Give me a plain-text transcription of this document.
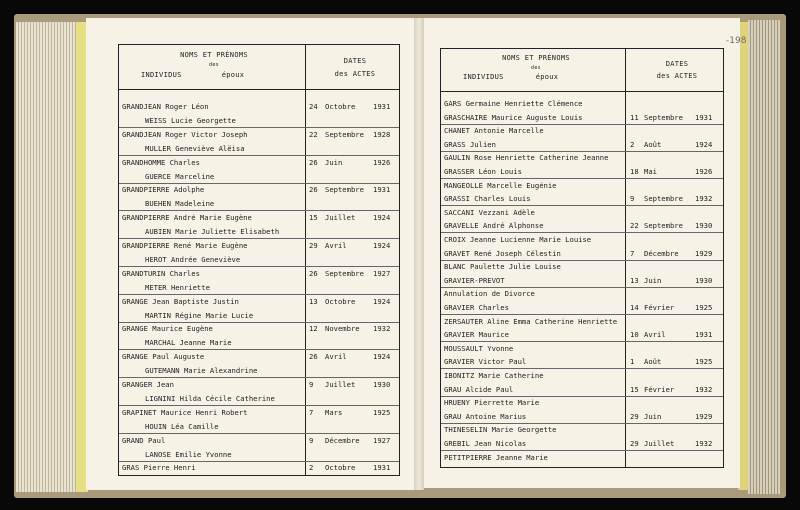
-198
NOMS ET PRÉNOMS
des
INDIVIDUS	époux
DATES
des ACTES
GRANDJEAN Roger Léon	24 Octobre 1931
WEISS Lucie Georgette
GRANDJEAN Roger Victor Joseph	22 Septembre 1928
MULLER Geneviève Alëisa
GRANDHOMME Charles	26 Juin	1926
GUERCE Marceline
GRANDPIERRE Adolphe	26 Septembre 1931
BUEHEN Madeleine
GRANDPIERRE André Marie Eugène	15 Juillet 1924
AUBIEN Marie Juliette Elisabeth
GRANDPIERRE René Marie Eugène	29 Avril	1924
HEROT Andrée Geneviève
GRANDTURIN Charles	26 Septembre 1927
METER Henriette
GRANGE Jean Baptiste Justin	13 Octobre 1924
MARTIN Régine Marie Lucie
GRANGE Maurice Eugène	12 Novembre 1932
MARCHAL Jeanne Marie
GRANGE Paul Auguste	26 Avril	1924
GUTEMANN Marie Alexandrine
GRANGER Jean	9 Juillet 1930
LIGNINI Hilda Cécile Catherine
GRAPINET Maurice Henri Robert	7 Mars	1925
HOUIN Léa Camille
GRAND Paul	9 Décembre 1927
LANOSE Emilie Yvonne
GRAS Pierre Henri	2 Octobre 1931
NOMS ET PRÉNOMS
des
INDIVIDUS	époux
DATES
des ACTES
GARS Germaine Henriette Clémence
GRASCHAIRE Maurice Auguste Louis	11 Septembre 1931
CHANET Antonie Marcelle
GRASS Julien	2 Août	1924
GAULIN Rose Henriette Catherine Jeanne
GRASSER Léon Louis	18 Mai	1926
MANGEOLLE Marcelle Eugénie
GRASSI Charles Louis	9 Septembre 1932
SACCANI Vezzani Adèle
GRAVELLE André Alphonse	22 Septembre 1930
CROIX Jeanne Lucienne Marie Louise
GRAVET René Joseph Célestin	7 Décembre 1929
BLANC Paulette Julie Louise
GRAVIER-PREVOT	13 Juin	1930
Annulation de Divorce
GRAVIER Charles	14 Février	1925
ZERSAUTER Aline Emma Catherine Henriette
GRAVIER Maurice	10 Avril	1931
MOUSSAULT Yvonne
GRAVIER Victor Paul	1 Août	1925
IBONITZ Marie Catherine
GRAU Alcide Paul	15 Février	1932
HRUENY Pierrette Marie
GRAU Antoine Marius	29 Juin	1929
THINESELIN Marie Georgette
GREBIL Jean Nicolas	29 Juillet	1932
PETITPIERRE Jeanne Marie
